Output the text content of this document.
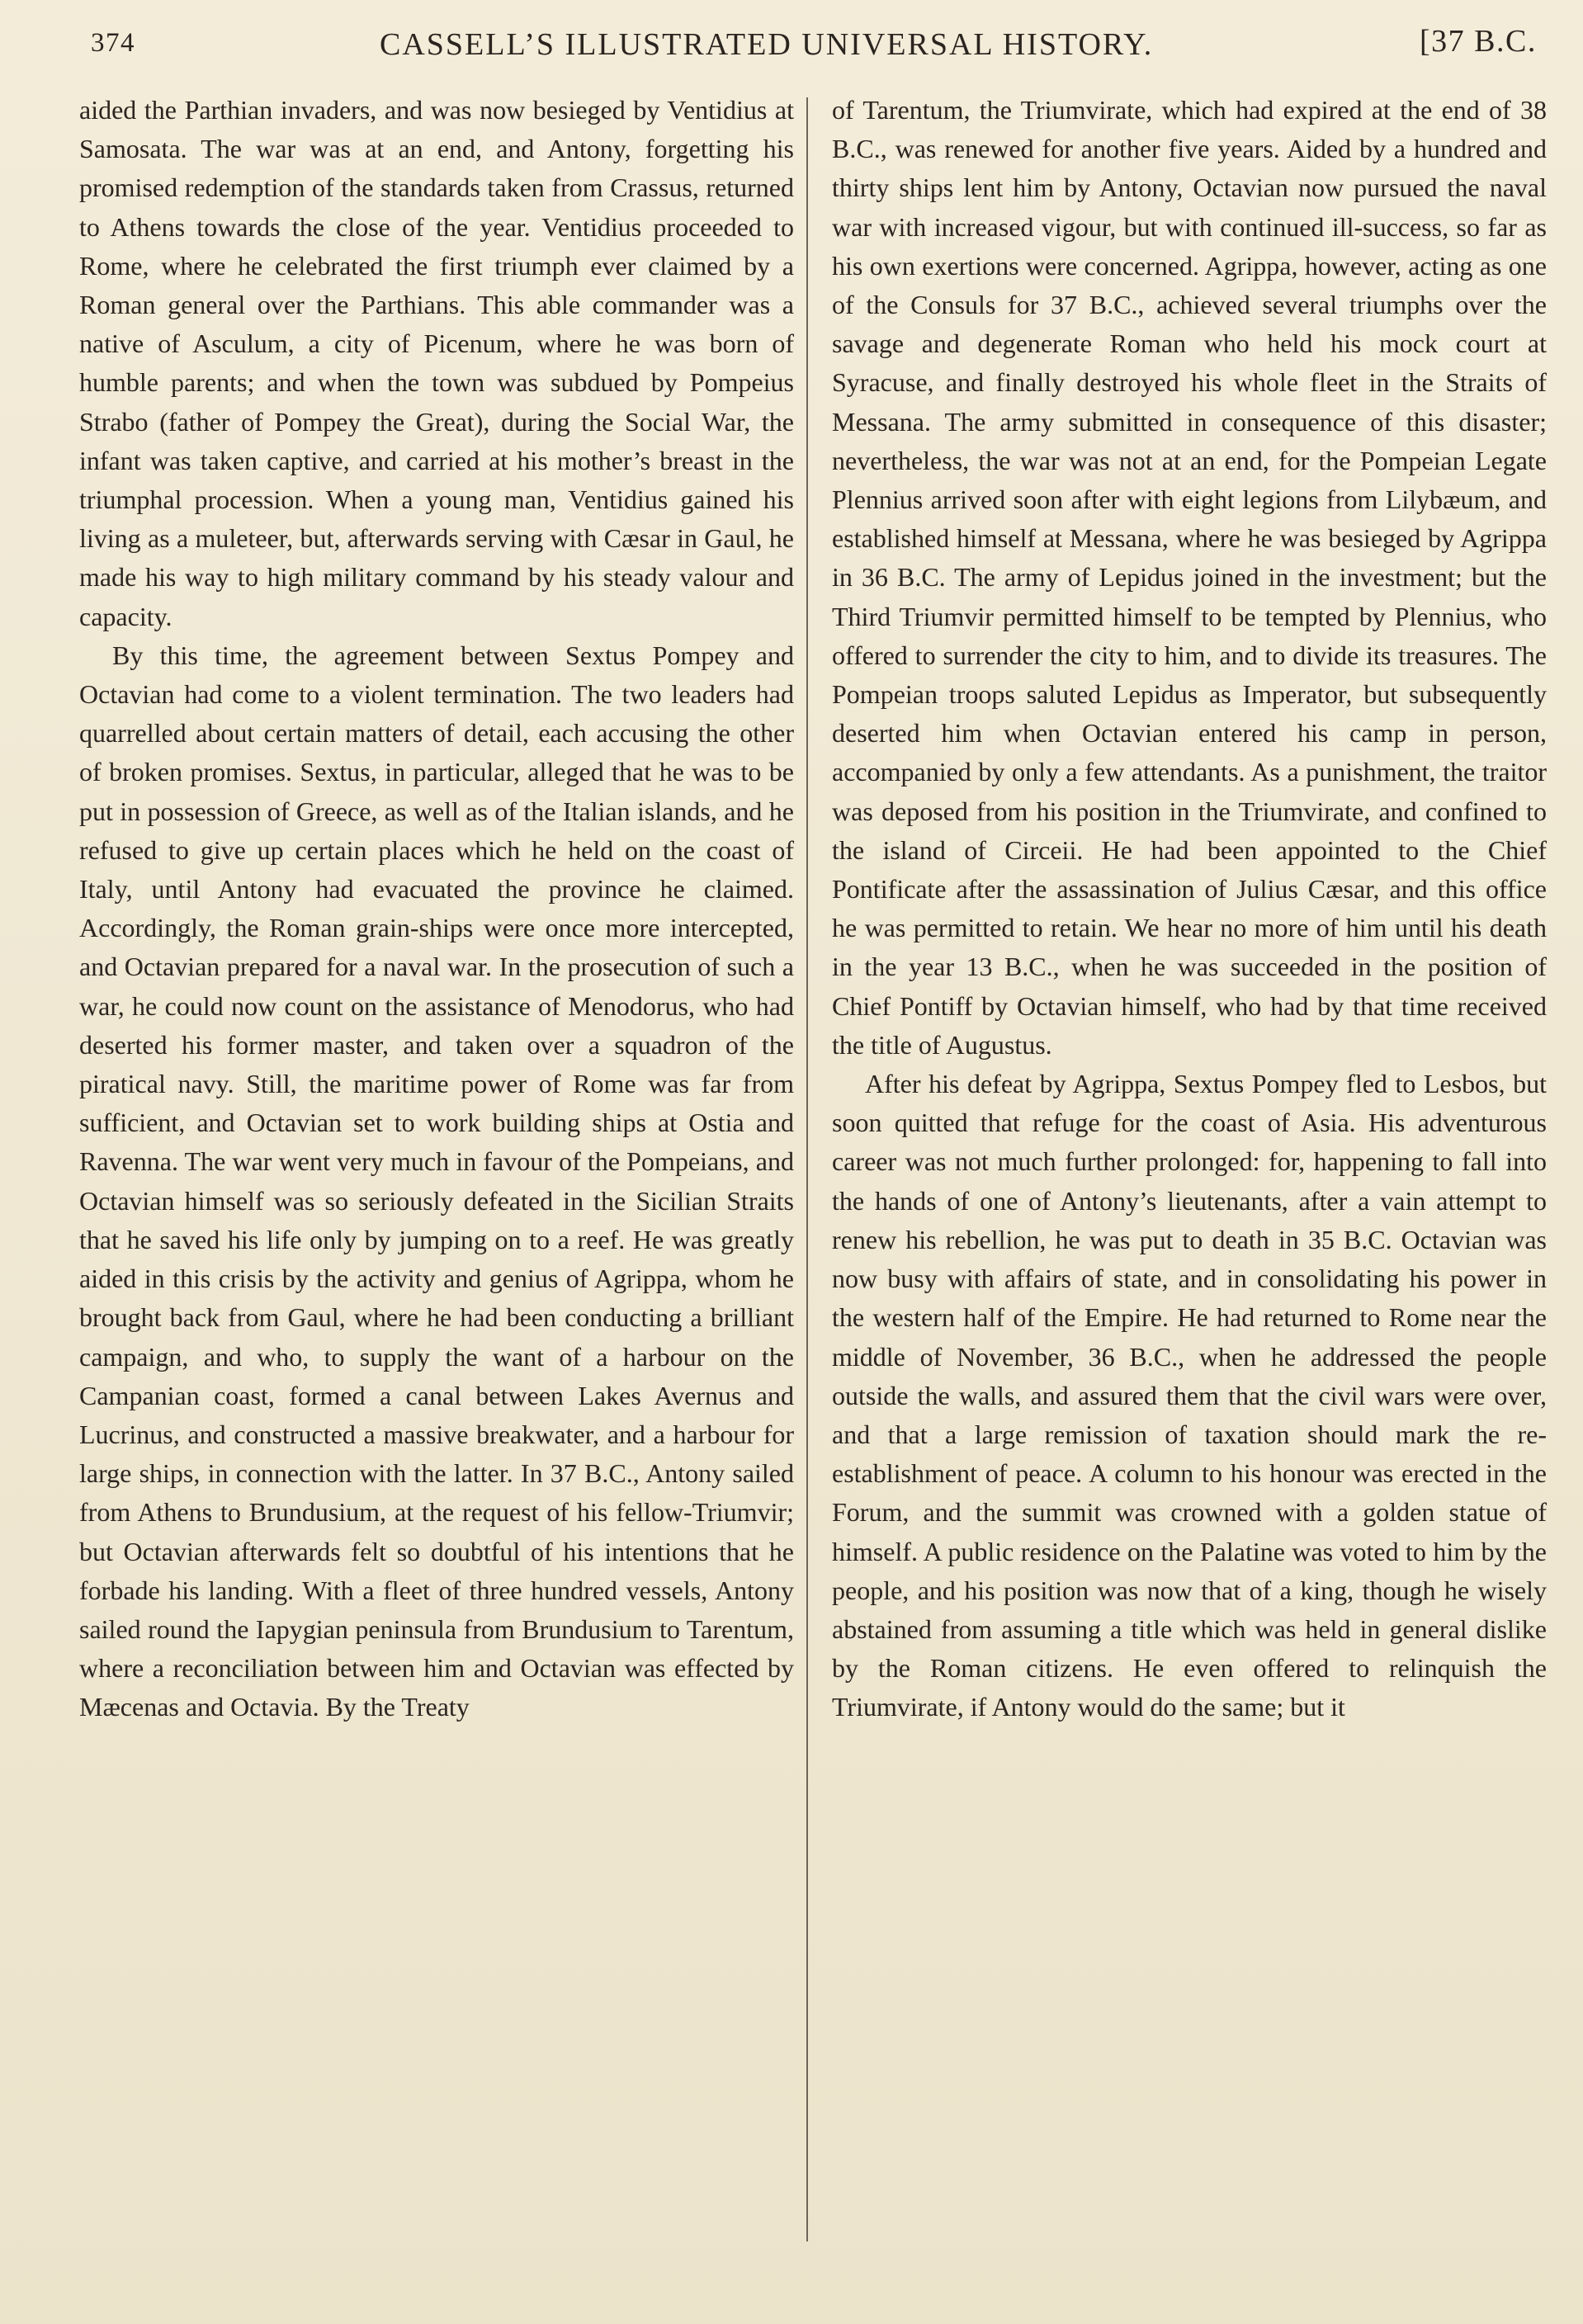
374	CASSELL’S ILLUSTRATED UNIVERSAL HISTORY.	[37 B.C.

aided the Parthian invaders, and was now besieged by Ventidius at Samosata. The war was at an end, and Antony, forgetting his promised redemption of the standards taken from Crassus, returned to Athens towards the close of the year. Ventidius proceeded to Rome, where he celebrated the first triumph ever claimed by a Roman general over the Parthians. This able commander was a native of Asculum, a city of Picenum, where he was born of humble parents; and when the town was subdued by Pompeius Strabo (father of Pompey the Great), during the Social War, the infant was taken captive, and carried at his mother’s breast in the triumphal procession. When a young man, Ventidius gained his living as a muleteer, but, afterwards serving with Cæsar in Gaul, he made his way to high military command by his steady valour and capacity.

By this time, the agreement between Sextus Pompey and Octavian had come to a violent termination. The two leaders had quarrelled about certain matters of detail, each accusing the other of broken promises. Sextus, in particular, alleged that he was to be put in possession of Greece, as well as of the Italian islands, and he refused to give up certain places which he held on the coast of Italy, until Antony had evacuated the province he claimed. Accordingly, the Roman grain-ships were once more intercepted, and Octavian prepared for a naval war. In the prosecution of such a war, he could now count on the assistance of Menodorus, who had deserted his former master, and taken over a squadron of the piratical navy. Still, the maritime power of Rome was far from sufficient, and Octavian set to work building ships at Ostia and Ravenna. The war went very much in favour of the Pompeians, and Octavian himself was so seriously defeated in the Sicilian Straits that he saved his life only by jumping on to a reef. He was greatly aided in this crisis by the activity and genius of Agrippa, whom he brought back from Gaul, where he had been conducting a brilliant campaign, and who, to supply the want of a harbour on the Campanian coast, formed a canal between Lakes Avernus and Lucrinus, and constructed a massive breakwater, and a harbour for large ships, in connection with the latter. In 37 B.C., Antony sailed from Athens to Brundusium, at the request of his fellow-Triumvir; but Octavian afterwards felt so doubtful of his intentions that he forbade his landing. With a fleet of three hundred vessels, Antony sailed round the Iapygian peninsula from Brundusium to Tarentum, where a reconciliation between him and Octavian was effected by Mæcenas and Octavia. By the Treaty

of Tarentum, the Triumvirate, which had expired at the end of 38 B.C., was renewed for another five years. Aided by a hundred and thirty ships lent him by Antony, Octavian now pursued the naval war with increased vigour, but with continued ill-success, so far as his own exertions were concerned. Agrippa, however, acting as one of the Consuls for 37 B.C., achieved several triumphs over the savage and degenerate Roman who held his mock court at Syracuse, and finally destroyed his whole fleet in the Straits of Messana. The army submitted in consequence of this disaster; nevertheless, the war was not at an end, for the Pompeian Legate Plennius arrived soon after with eight legions from Lilybæum, and established himself at Messana, where he was besieged by Agrippa in 36 B.C. The army of Lepidus joined in the investment; but the Third Triumvir permitted himself to be tempted by Plennius, who offered to surrender the city to him, and to divide its treasures. The Pompeian troops saluted Lepidus as Imperator, but subsequently deserted him when Octavian entered his camp in person, accompanied by only a few attendants. As a punishment, the traitor was deposed from his position in the Triumvirate, and confined to the island of Circeii. He had been appointed to the Chief Pontificate after the assassination of Julius Cæsar, and this office he was permitted to retain. We hear no more of him until his death in the year 13 B.C., when he was succeeded in the position of Chief Pontiff by Octavian himself, who had by that time received the title of Augustus.

After his defeat by Agrippa, Sextus Pompey fled to Lesbos, but soon quitted that refuge for the coast of Asia. His adventurous career was not much further prolonged: for, happening to fall into the hands of one of Antony’s lieutenants, after a vain attempt to renew his rebellion, he was put to death in 35 B.C. Octavian was now busy with affairs of state, and in consolidating his power in the western half of the Empire. He had returned to Rome near the middle of November, 36 B.C., when he addressed the people outside the walls, and assured them that the civil wars were over, and that a large remission of taxation should mark the re-establishment of peace. A column to his honour was erected in the Forum, and the summit was crowned with a golden statue of himself. A public residence on the Palatine was voted to him by the people, and his position was now that of a king, though he wisely abstained from assuming a title which was held in general dislike by the Roman citizens. He even offered to relinquish the Triumvirate, if Antony would do the same; but it
